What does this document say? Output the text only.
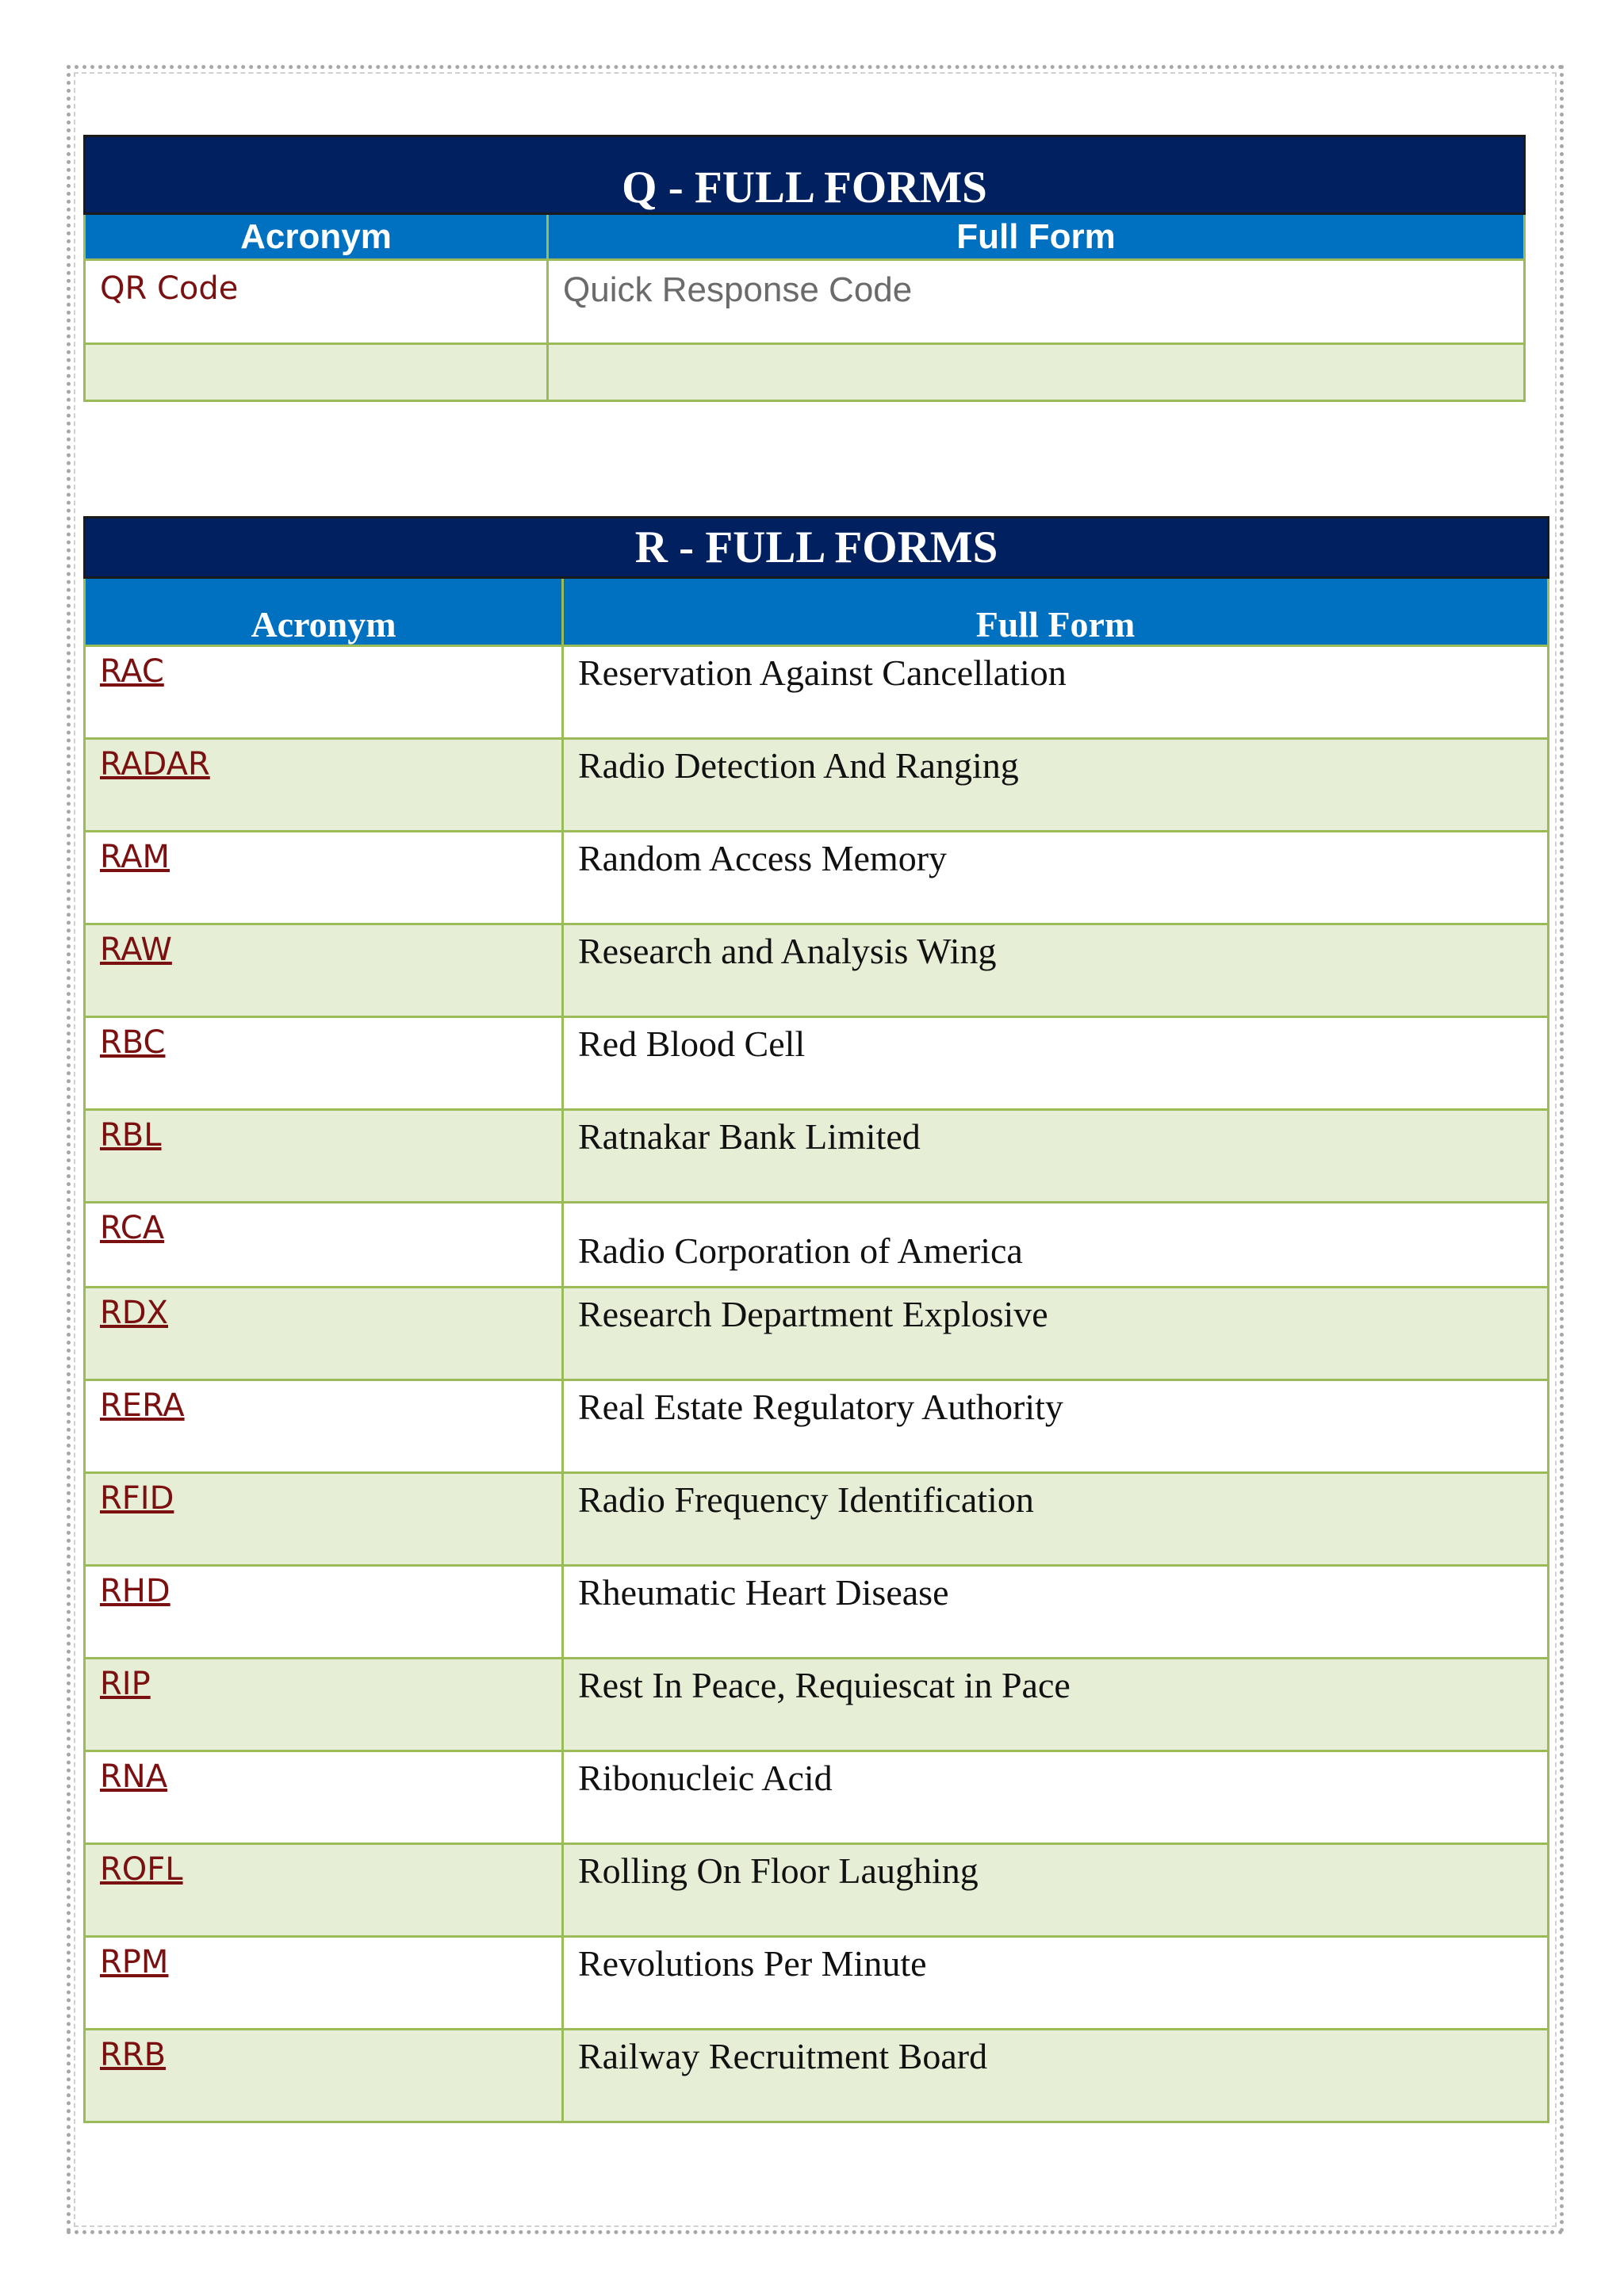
Q - FULL FORMS	
Acronym	Full Form
QR Code	Quick Response Code

R - FULL FORMS	
Acronym	Full Form
RAC	Reservation Against Cancellation
RADAR	Radio Detection And Ranging
RAM	Random Access Memory
RAW	Research and Analysis Wing
RBC	Red Blood Cell
RBL	Ratnakar Bank Limited
RCA	Radio Corporation of America
RDX	Research Department Explosive
RERA	Real Estate Regulatory Authority
RFID	Radio Frequency Identification
RHD	Rheumatic Heart Disease
RIP	Rest In Peace, Requiescat in Pace
RNA	Ribonucleic Acid
ROFL	Rolling On Floor Laughing
RPM	Revolutions Per Minute
RRB	Railway Recruitment Board
